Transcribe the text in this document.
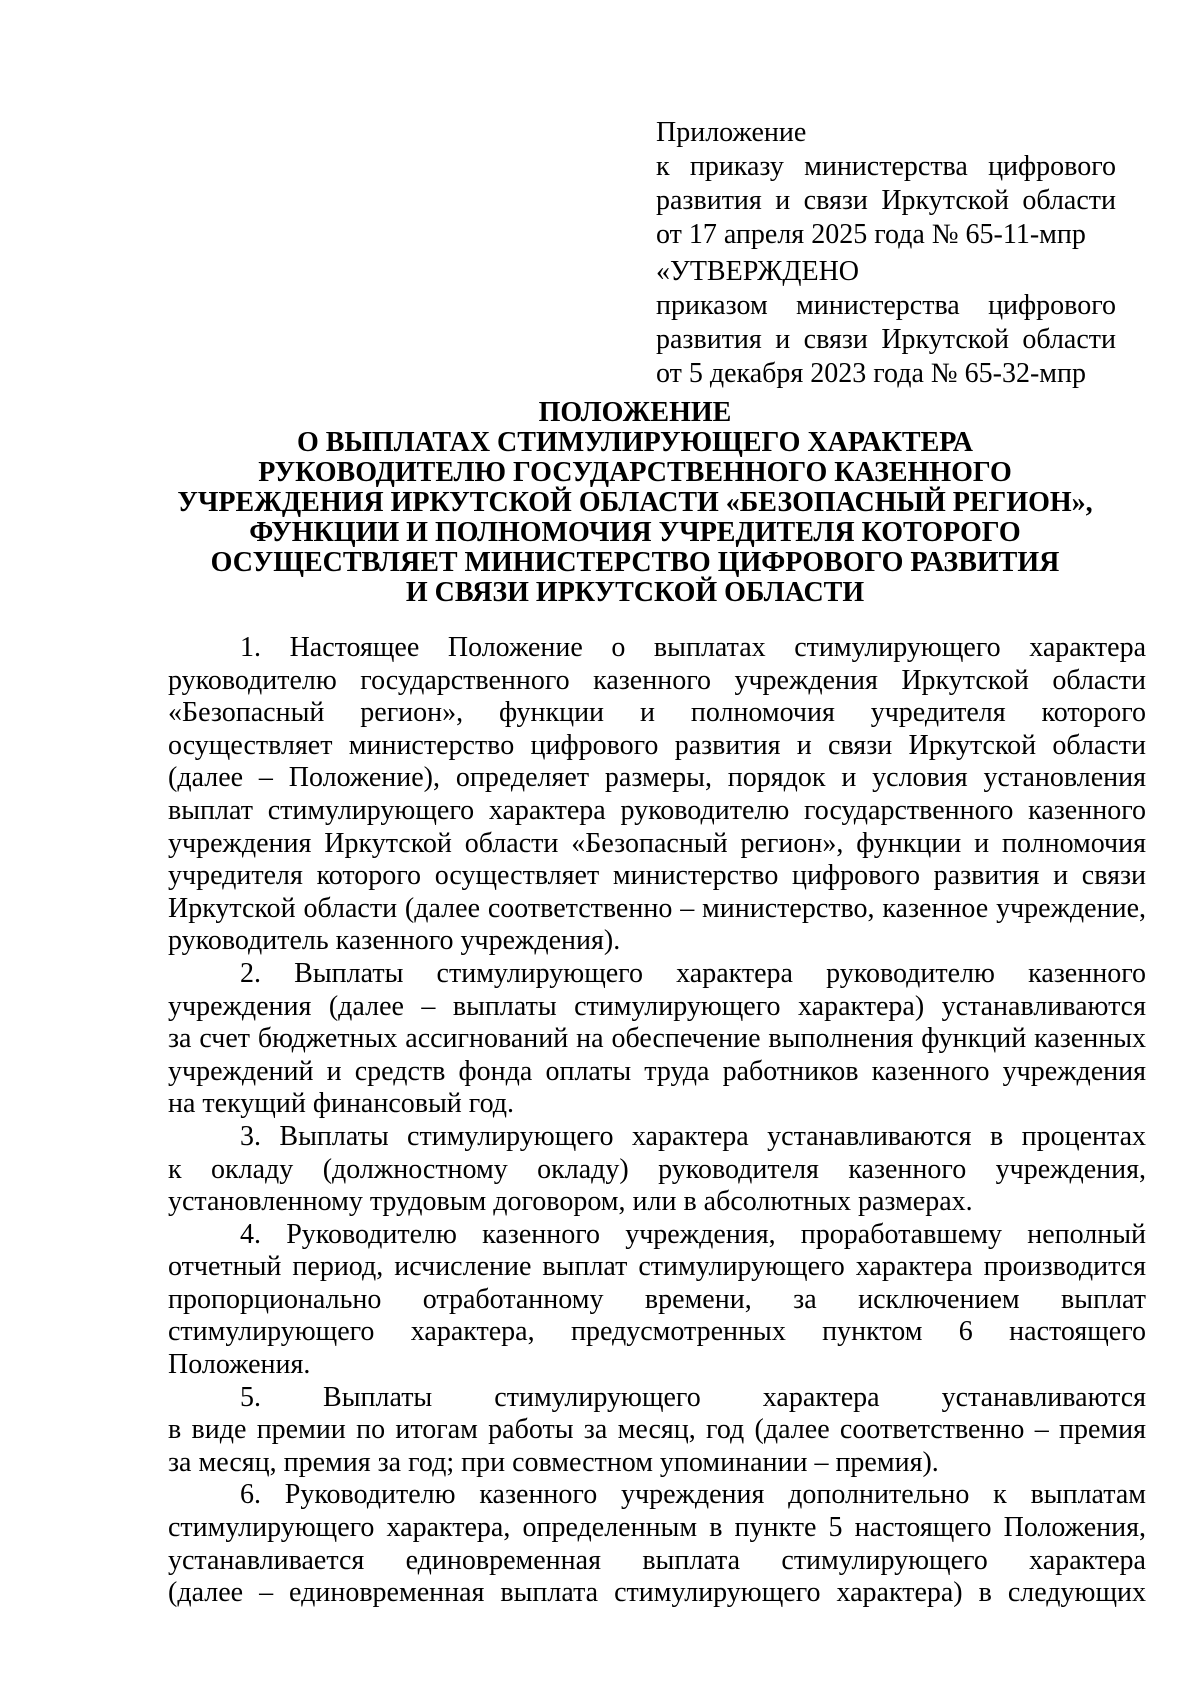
Приложение
к приказу министерства цифрового
развития и связи Иркутской области
от 17 апреля 2025 года № 65-11-мпр
«УТВЕРЖДЕНО
приказом министерства цифрового
развития и связи Иркутской области
от 5 декабря 2023 года № 65-32-мпр
ПОЛОЖЕНИЕ
О ВЫПЛАТАХ СТИМУЛИРУЮЩЕГО ХАРАКТЕРА
РУКОВОДИТЕЛЮ ГОСУДАРСТВЕННОГО КАЗЕННОГО
УЧРЕЖДЕНИЯ ИРКУТСКОЙ ОБЛАСТИ «БЕЗОПАСНЫЙ РЕГИОН»,
ФУНКЦИИ И ПОЛНОМОЧИЯ УЧРЕДИТЕЛЯ КОТОРОГО
ОСУЩЕСТВЛЯЕТ МИНИСТЕРСТВО ЦИФРОВОГО РАЗВИТИЯ
И СВЯЗИ ИРКУТСКОЙ ОБЛАСТИ
1. Настоящее Положение о выплатах стимулирующего характера
руководителю государственного казенного учреждения Иркутской области
«Безопасный регион», функции и полномочия учредителя которого
осуществляет министерство цифрового развития и связи Иркутской области
(далее – Положение), определяет размеры, порядок и условия установления
выплат стимулирующего характера руководителю государственного казенного
учреждения Иркутской области «Безопасный регион», функции и полномочия
учредителя которого осуществляет министерство цифрового развития и связи
Иркутской области (далее соответственно – министерство, казенное учреждение,
руководитель казенного учреждения).
2. Выплаты стимулирующего характера руководителю казенного
учреждения (далее – выплаты стимулирующего характера) устанавливаются
за счет бюджетных ассигнований на обеспечение выполнения функций казенных
учреждений и средств фонда оплаты труда работников казенного учреждения
на текущий финансовый год.
3. Выплаты стимулирующего характера устанавливаются в процентах
к окладу (должностному окладу) руководителя казенного учреждения,
установленному трудовым договором, или в абсолютных размерах.
4. Руководителю казенного учреждения, проработавшему неполный
отчетный период, исчисление выплат стимулирующего характера производится
пропорционально отработанному времени, за исключением выплат
стимулирующего характера, предусмотренных пунктом 6 настоящего
Положения.
5. Выплаты стимулирующего характера устанавливаются
в виде премии по итогам работы за месяц, год (далее соответственно – премия
за месяц, премия за год; при совместном упоминании – премия).
6. Руководителю казенного учреждения дополнительно к выплатам
стимулирующего характера, определенным в пункте 5 настоящего Положения,
устанавливается единовременная выплата стимулирующего характера
(далее – единовременная выплата стимулирующего характера) в следующих
